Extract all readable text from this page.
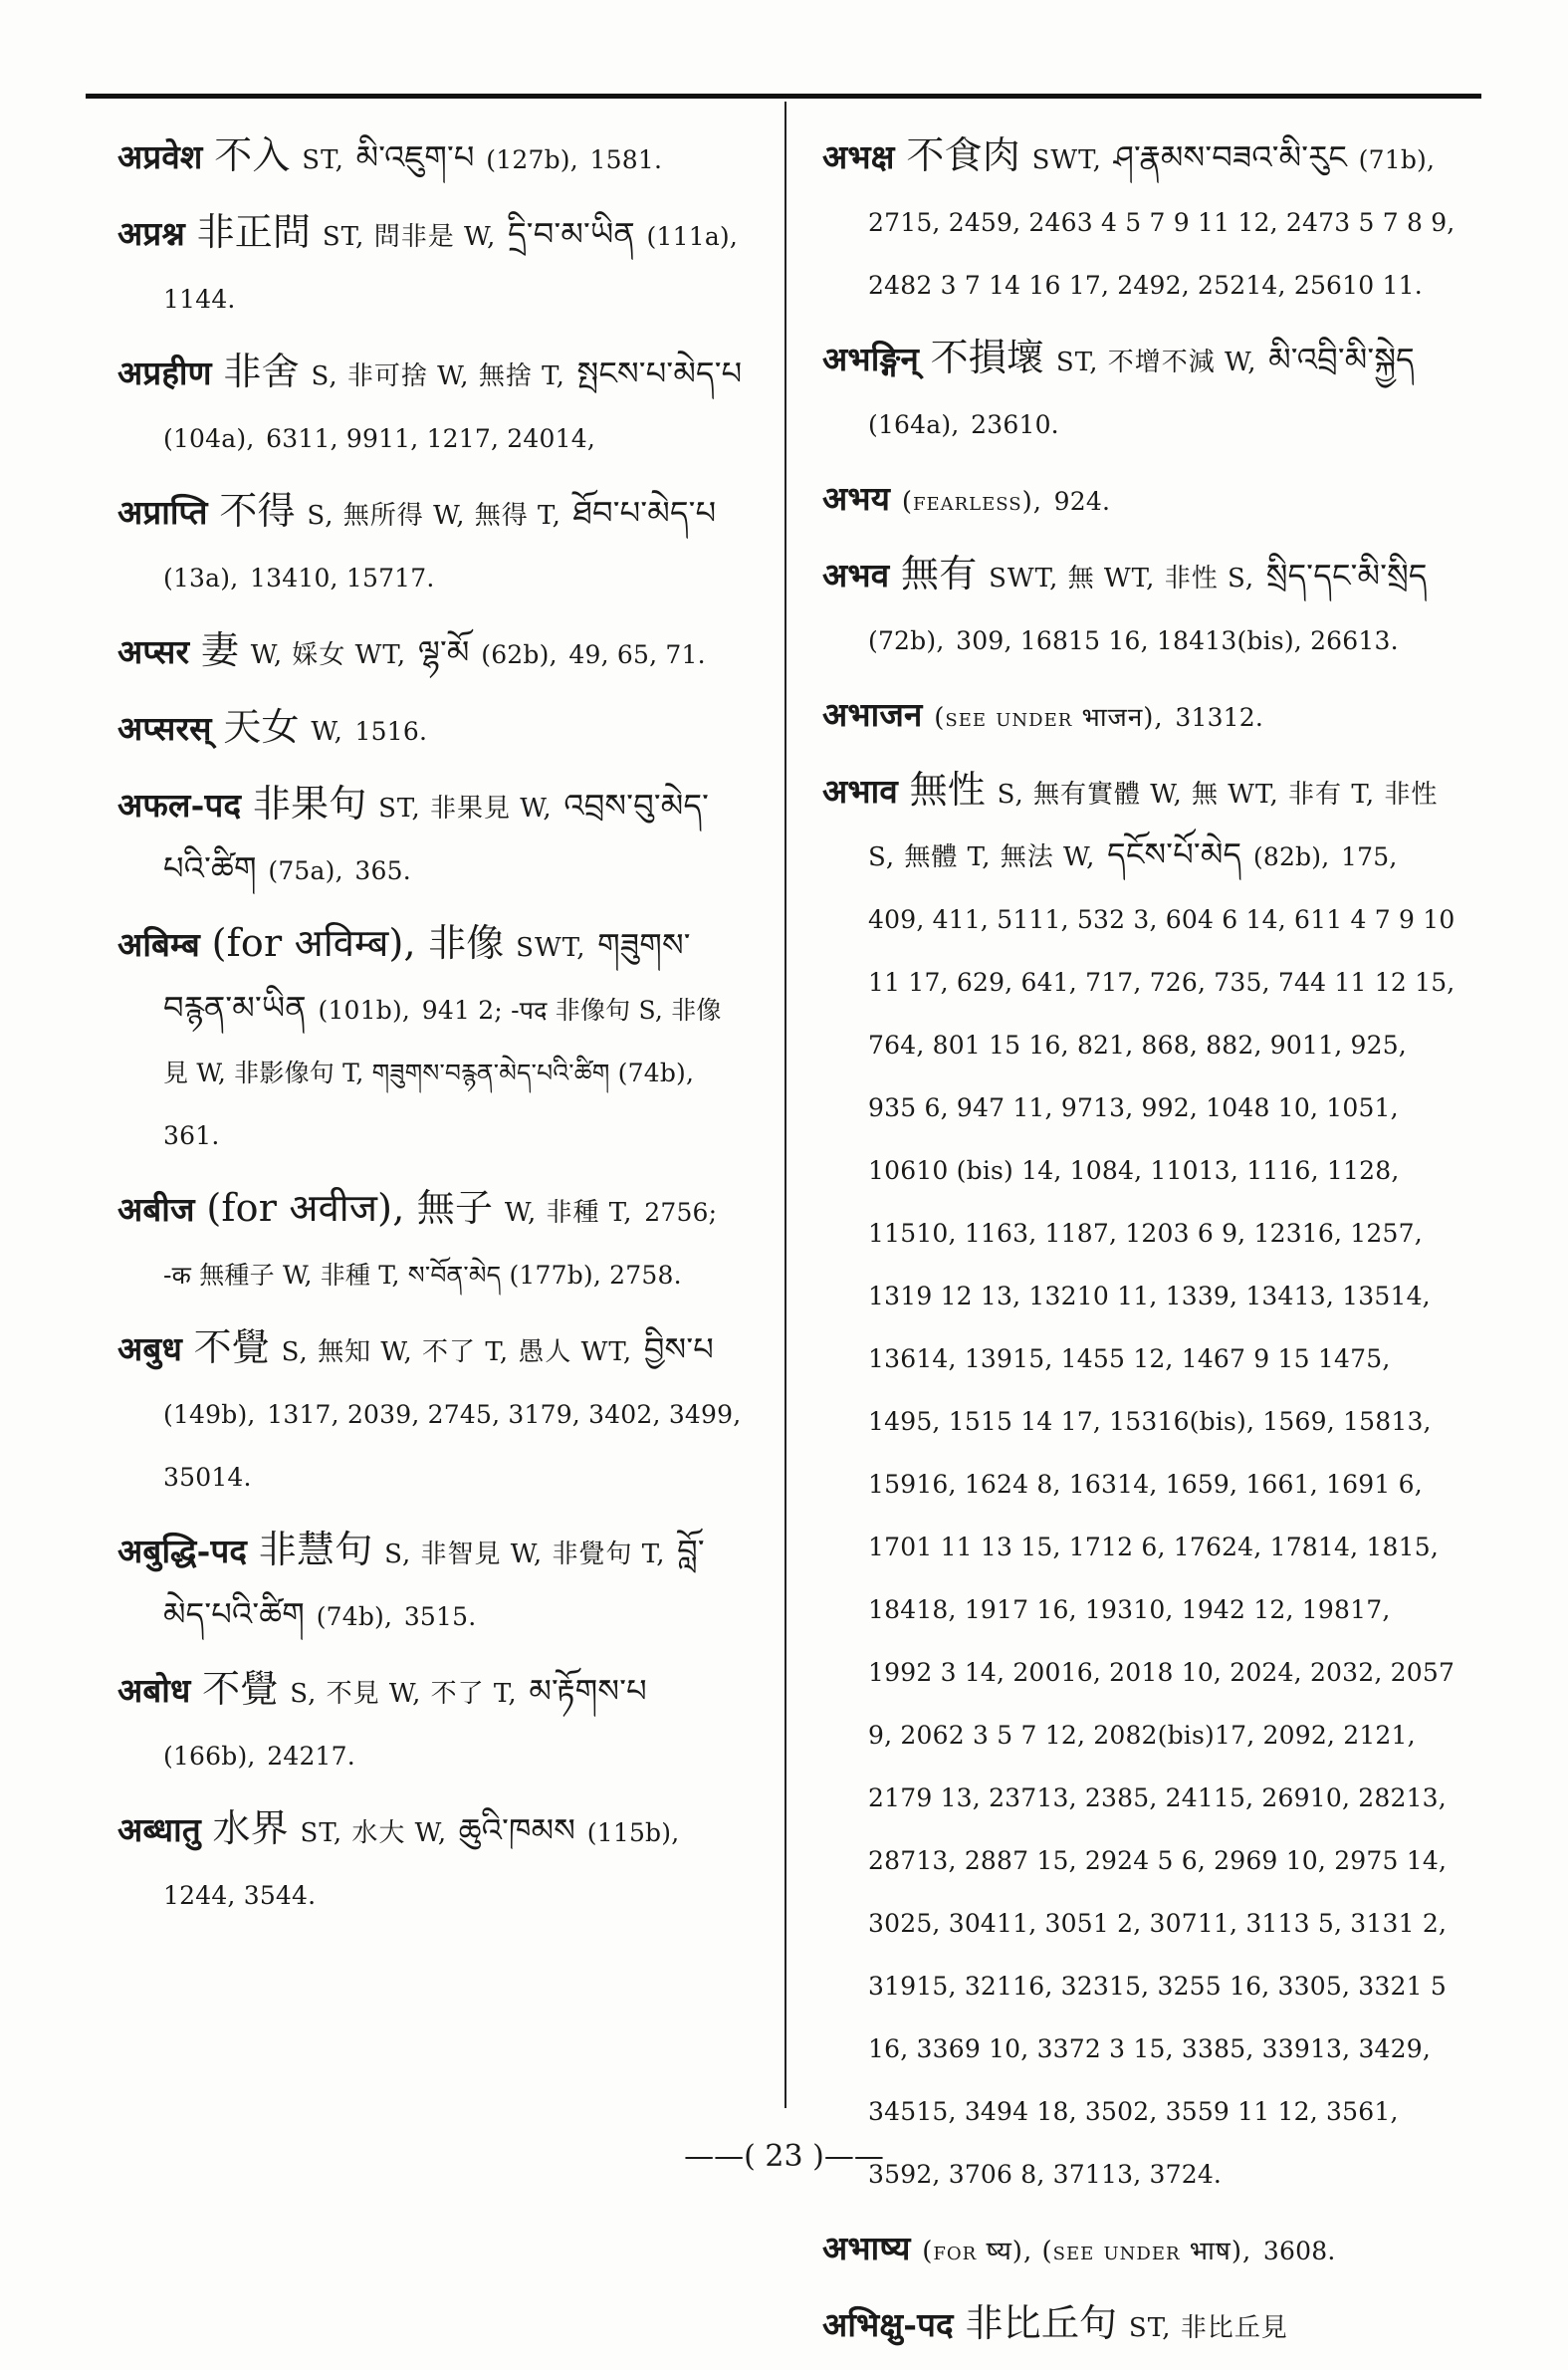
अप्रवेश 不入 ST, མི་འཇུག་པ (127b), 1581.
अप्रश्न 非正問 ST, 問非是 W, དྲི་བ་མ་ཡིན (111a), 1144.
अप्रहीण 非舍 S, 非可捨 W, 無捨 T, སྤངས་པ་མེད་པ (104a), 6311, 9911, 1217, 24014,
अप्राप्ति 不得 S, 無所得 W, 無得 T, ཐོབ་པ་མེད་པ (13a), 13410, 15717.
अप्सर 妻 W, 婇女 WT, ལྷ་མོ (62b), 49, 65, 71.
अप्सरस् 天女 W, 1516.
अफल-पद 非果句 ST, 非果見 W, འབྲས་བུ་མེད་པའི་ཚིག (75a), 365.
अबिम्ब (for अविम्ब), 非像 SWT, གཟུགས་བརྙན་མ་ཡིན (101b), 941 2; -पद 非像句 S, 非像見 W, 非影像句 T, གཟུགས་བརྙན་མེད་པའི་ཚིག (74b), 361.
अबीज (for अवीज), 無子 W, 非種 T, 2756; -क 無種子 W, 非種 T, ས་བོན་མེད (177b), 2758.
अबुध 不覺 S, 無知 W, 不了 T, 愚人 WT, བྱིས་པ (149b), 1317, 2039, 2745, 3179, 3402, 3499, 35014.
अबुद्धि-पद 非慧句 S, 非智見 W, 非覺句 T, བློ་མེད་པའི་ཚིག (74b), 3515.
अबोध 不覺 S, 不見 W, 不了 T, མ་རྟོགས་པ (166b), 24217.
अब्धातु 水界 ST, 水大 W, ཆུའི་ཁམས (115b), 1244, 3544.
अभक्ष 不食肉 SWT, ཤ་རྣམས་བཟའ་མི་རུང (71b), 2715, 2459, 2463 4 5 7 9 11 12, 2473 5 7 8 9, 2482 3 7 14 16 17, 2492, 25214, 25610 11.
अभङ्गिन् 不損壞 ST, 不增不減 W, མི་འབྲི་མི་སྐྱེད (164a), 23610.
अभय (fearless), 924.
अभव 無有 SWT, 無 WT, 非性 S, སྲིད་དང་མི་སྲིད (72b), 309, 16815 16, 18413(bis), 26613.
अभाजन (see under भाजन), 31312.
अभाव 無性 S, 無有實體 W, 無 WT, 非有 T, 非性 S, 無體 T, 無法 W, དངོས་པོ་མེད (82b), 175, 409, 411, 5111, 532 3, 604 6 14, 611 4 7 9 10 11 17, 629, 641, 717, 726, 735, 744 11 12 15, 764, 801 15 16, 821, 868, 882, 9011, 925, 935 6, 947 11, 9713, 992, 1048 10, 1051, 10610 (bis) 14, 1084, 11013, 1116, 1128, 11510, 1163, 1187, 1203 6 9, 12316, 1257, 1319 12 13, 13210 11, 1339, 13413, 13514, 13614, 13915, 1455 12, 1467 9 15 1475, 1495, 1515 14 17, 15316(bis), 1569, 15813, 15916, 1624 8, 16314, 1659, 1661, 1691 6, 1701 11 13 15, 1712 6, 17624, 17814, 1815, 18418, 1917 16, 19310, 1942 12, 19817, 1992 3 14, 20016, 2018 10, 2024, 2032, 2057 9, 2062 3 5 7 12, 2082(bis)17, 2092, 2121, 2179 13, 23713, 2385, 24115, 26910, 28213, 28713, 2887 15, 2924 5 6, 2969 10, 2975 14, 3025, 30411, 3051 2, 30711, 3113 5, 3131 2, 31915, 32116, 32315, 3255 16, 3305, 3321 5 16, 3369 10, 3372 3 15, 3385, 33913, 3429, 34515, 3494 18, 3502, 3559 11 12, 3561, 3592, 3706 8, 37113, 3724.
अभाष्य (for ष्य), (see under भाष), 3608.
अभिक्षु-पद 非比丘句 ST, 非比丘見
——( 23 )——
